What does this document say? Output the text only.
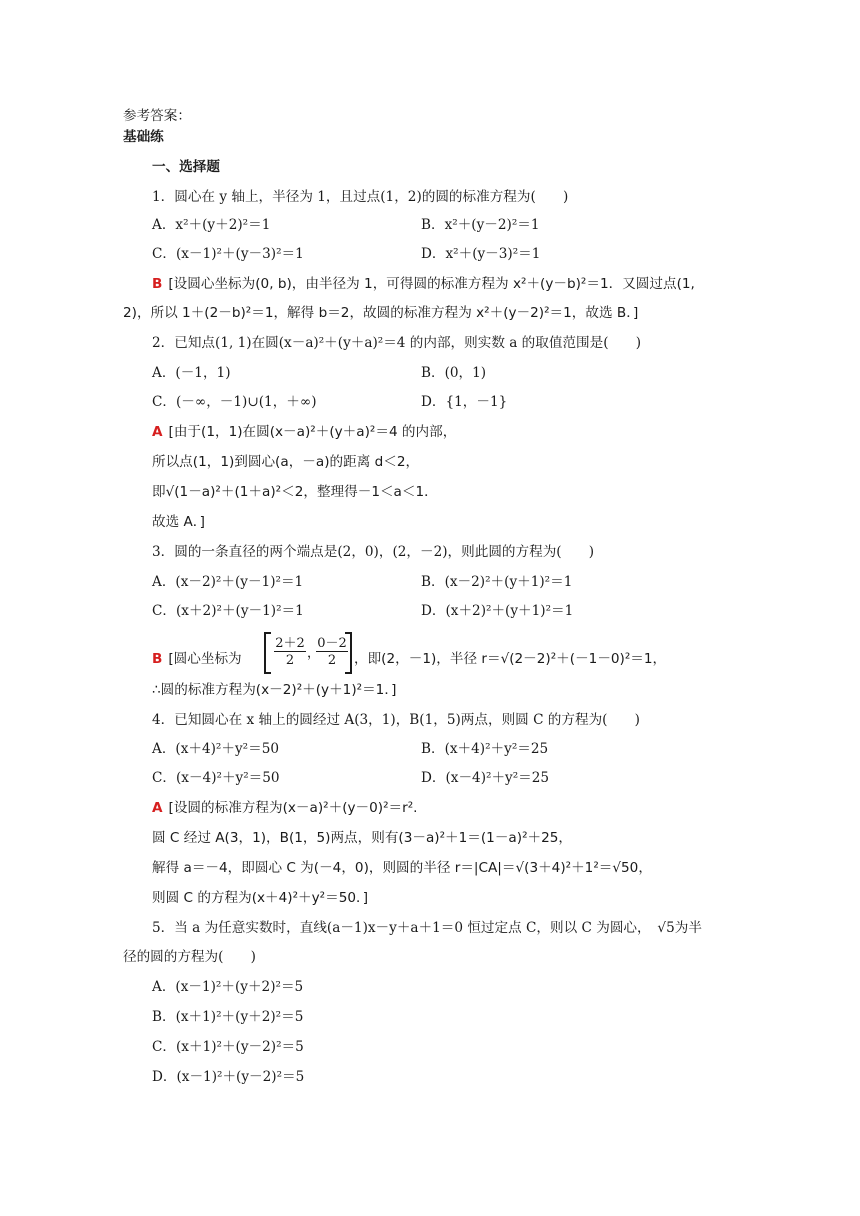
参考答案：
基础练
一、选择题
1．圆心在 y 轴上，半径为 1，且过点(1，2)的圆的标准方程为(　　)
A．x²＋(y＋2)²＝1	B．x²＋(y－2)²＝1
C．(x－1)²＋(y－3)²＝1	D．x²＋(y－3)²＝1
B [设圆心坐标为(0, b)，由半径为 1，可得圆的标准方程为 x²＋(y－b)²＝1．又圆过点(1,
2)，所以 1＋(2－b)²＝1，解得 b＝2，故圆的标准方程为 x²＋(y－2)²＝1，故选 B．]
2．已知点(1, 1)在圆(x－a)²＋(y＋a)²＝4 的内部，则实数 a 的取值范围是(　　)
A．(－1，1)	B．(0，1)
C．(－∞，－1)∪(1，＋∞)	D．{1，－1}
A [由于(1，1)在圆(x－a)²＋(y＋a)²＝4 的内部，
所以点(1，1)到圆心(a，－a)的距离 d＜2，
即√(1－a)²＋(1＋a)²＜2，整理得－1＜a＜1．
故选 A．]
3．圆的一条直径的两个端点是(2，0)，(2，－2)，则此圆的方程为(　　)
A．(x－2)²＋(y－1)²＝1	B．(x－2)²＋(y＋1)²＝1
C．(x＋2)²＋(y－1)²＝1	D．(x＋2)²＋(y＋1)²＝1
B [圆心坐标为
2＋2
2 ，
0－2
2	，即(2，－1)，半径 r＝√(2－2)²＋(－1－0)²＝1，
∴圆的标准方程为(x－2)²＋(y＋1)²＝1．]
4．已知圆心在 x 轴上的圆经过 A(3，1)，B(1，5)两点，则圆 C 的方程为(　　)
A．(x＋4)²＋y²＝50	B．(x＋4)²＋y²＝25
C．(x－4)²＋y²＝50	D．(x－4)²＋y²＝25
A [设圆的标准方程为(x－a)²＋(y－0)²＝r².
圆 C 经过 A(3，1)，B(1，5)两点，则有(3－a)²＋1＝(1－a)²＋25，
解得 a＝－4，即圆心 C 为(－4，0)，则圆的半径 r＝|CA|＝√(3＋4)²＋1²＝√50，
则圆 C 的方程为(x＋4)²＋y²＝50．]
5．当 a 为任意实数时，直线(a－1)x－y＋a＋1＝0 恒过定点 C，则以 C 为圆心，　√5为半
径的圆的方程为(　　)
A．(x－1)²＋(y＋2)²＝5
B．(x＋1)²＋(y＋2)²＝5
C．(x＋1)²＋(y－2)²＝5
D．(x－1)²＋(y－2)²＝5
